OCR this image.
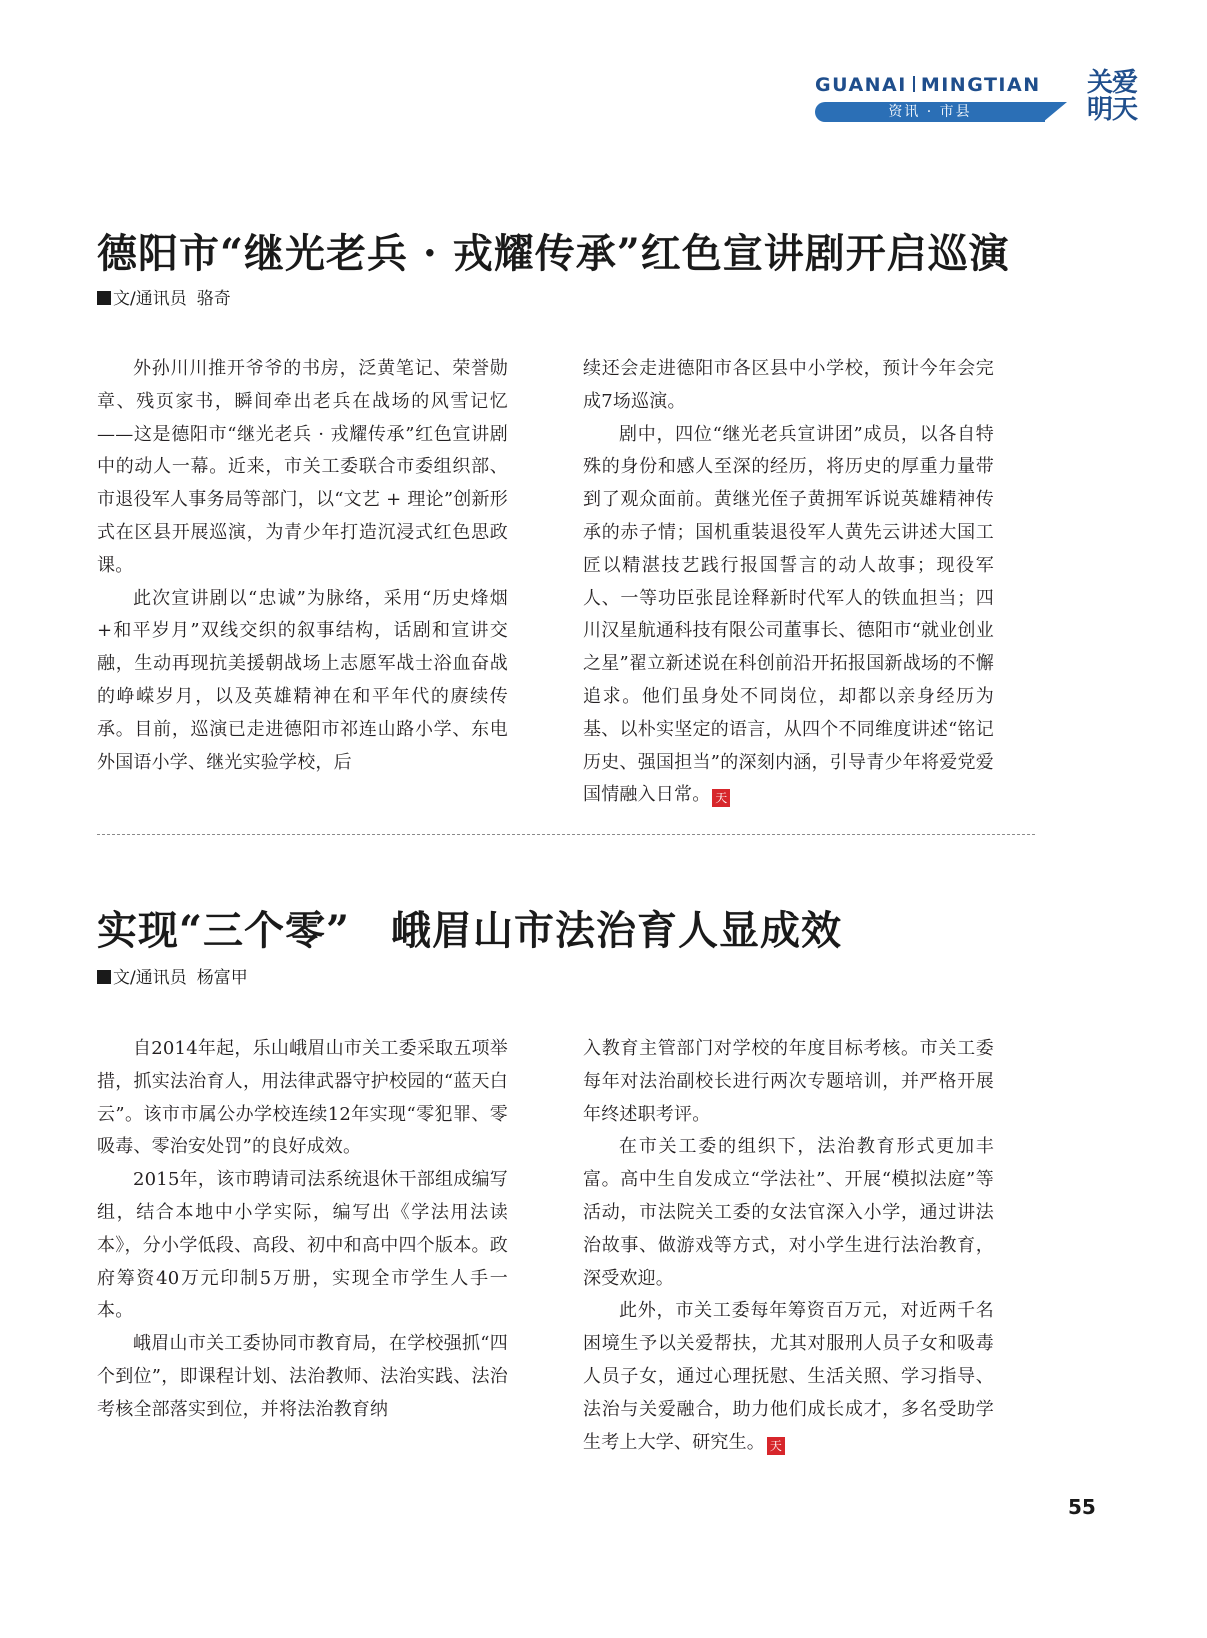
GUANAI MINGTIAN
资讯 · 市县
关爱
明天
德阳市“继光老兵 · 戎耀传承”红色宣讲剧开启巡演
文/通讯员 骆奇

外孙川川推开爷爷的书房，泛黄笔记、荣誉勋章、残页家书，瞬间牵出老兵在战场的风雪记忆——这是德阳市“继光老兵 · 戎耀传承”红色宣讲剧中的动人一幕。近来，市关工委联合市委组织部、市退役军人事务局等部门，以“文艺 + 理论”创新形式在区县开展巡演，为青少年打造沉浸式红色思政课。

此次宣讲剧以“忠诚”为脉络，采用“历史烽烟+和平岁月”双线交织的叙事结构，话剧和宣讲交融，生动再现抗美援朝战场上志愿军战士浴血奋战的峥嵘岁月，以及英雄精神在和平年代的赓续传承。目前，巡演已走进德阳市祁连山路小学、东电外国语小学、继光实验学校，后

续还会走进德阳市各区县中小学校，预计今年会完成7场巡演。

剧中，四位“继光老兵宣讲团”成员，以各自特殊的身份和感人至深的经历，将历史的厚重力量带到了观众面前。黄继光侄子黄拥军诉说英雄精神传承的赤子情；国机重装退役军人黄先云讲述大国工匠以精湛技艺践行报国誓言的动人故事；现役军人、一等功臣张昆诠释新时代军人的铁血担当；四川汉星航通科技有限公司董事长、德阳市“就业创业之星”翟立新述说在科创前沿开拓报国新战场的不懈追求。他们虽身处不同岗位，却都以亲身经历为基、以朴实坚定的语言，从四个不同维度讲述“铭记历史、强国担当”的深刻内涵，引导青少年将爱党爱国情融入日常。 天

实现“三个零”　峨眉山市法治育人显成效
文/通讯员 杨富甲

自2014年起，乐山峨眉山市关工委采取五项举措，抓实法治育人，用法律武器守护校园的“蓝天白云”。该市市属公办学校连续12年实现“零犯罪、零吸毒、零治安处罚”的良好成效。

2015年，该市聘请司法系统退休干部组成编写组，结合本地中小学实际，编写出《学法用法读本》，分小学低段、高段、初中和高中四个版本。政府筹资40万元印制5万册，实现全市学生人手一本。

峨眉山市关工委协同市教育局，在学校强抓“四个到位”，即课程计划、法治教师、法治实践、法治考核全部落实到位，并将法治教育纳

入教育主管部门对学校的年度目标考核。市关工委每年对法治副校长进行两次专题培训，并严格开展年终述职考评。

在市关工委的组织下，法治教育形式更加丰富。高中生自发成立“学法社”、开展“模拟法庭”等活动，市法院关工委的女法官深入小学，通过讲法治故事、做游戏等方式，对小学生进行法治教育，深受欢迎。

此外，市关工委每年筹资百万元，对近两千名困境生予以关爱帮扶，尤其对服刑人员子女和吸毒人员子女，通过心理抚慰、生活关照、学习指导、法治与关爱融合，助力他们成长成才，多名受助学生考上大学、研究生。 天

55
